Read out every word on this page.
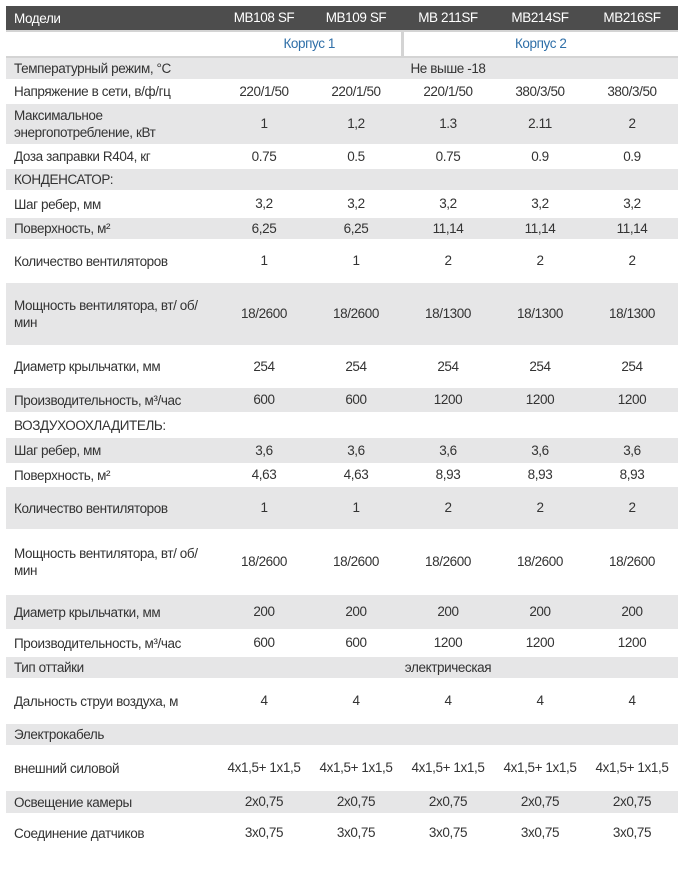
Модели	MB108 SF	MB109 SF	MB 211SF	MB214SF	MB216SF
	Корпус 1		Корпус 2		
Температурный режим, °С	Не выше -18				
Напряжение в сети, в/ф/гц	220/1/50	220/1/50	220/1/50	380/3/50	380/3/50
Максимальное энергопотребление, кВт	1	1,2	1.3	2.11	2
Доза заправки R404, кг	0.75	0.5	0.75	0.9	0.9
КОНДЕНСАТОР:					
Шаг ребер, мм	3,2	3,2	3,2	3,2	3,2
Поверхность, м²	6,25	6,25	11,14	11,14	11,14
Количество вентиляторов	1	1	2	2	2
Мощность вентилятора, вт/ об/мин	18/2600	18/2600	18/1300	18/1300	18/1300
Диаметр крыльчатки, мм	254	254	254	254	254
Производительность, м³/час	600	600	1200	1200	1200
ВОЗДУХООХЛАДИТЕЛЬ:					
Шаг ребер, мм	3,6	3,6	3,6	3,6	3,6
Поверхность, м²	4,63	4,63	8,93	8,93	8,93
Количество вентиляторов	1	1	2	2	2
Мощность вентилятора, вт/ об/мин	18/2600	18/2600	18/2600	18/2600	18/2600
Диаметр крыльчатки, мм	200	200	200	200	200
Производительность, м³/час	600	600	1200	1200	1200
Тип оттайки	электрическая				
Дальность струи воздуха, м	4	4	4	4	4
Электрокабель					
внешний силовой	4х1,5+ 1х1,5	4х1,5+ 1х1,5	4х1,5+ 1х1,5	4х1,5+ 1х1,5	4х1,5+ 1х1,5
Освещение камеры	2х0,75	2х0,75	2х0,75	2х0,75	2х0,75
Соединение датчиков	3х0,75	3х0,75	3х0,75	3х0,75	3х0,75
